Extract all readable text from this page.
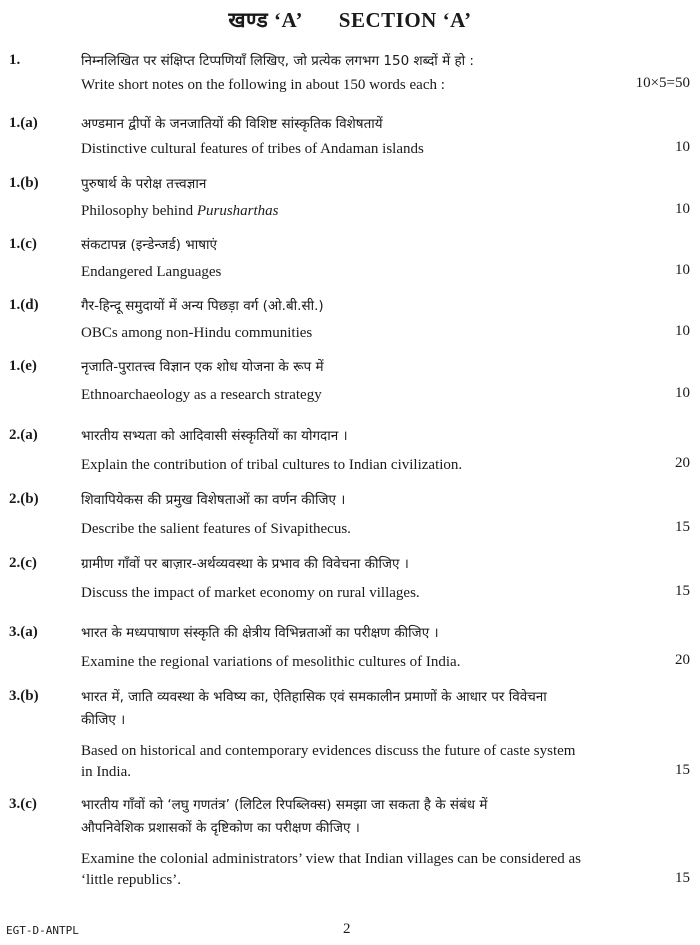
खण्ड ‘A’ SECTION ‘A’
1.	निम्नलिखित पर संक्षिप्त टिप्पणियाँ लिखिए, जो प्रत्येक लगभग 150 शब्दों में हो :
Write short notes on the following in about 150 words each :	10×5=50
1.(a)	अण्डमान द्वीपों के जनजातियों की विशिष्ट सांस्कृतिक विशेषतायें
Distinctive cultural features of tribes of Andaman islands	10
1.(b)	पुरुषार्थ के परोक्ष तत्त्वज्ञान
Philosophy behind Purusharthas	10
1.(c)	संकटापन्न (इन्डेन्जर्ड) भाषाएं
Endangered Languages	10
1.(d)	गैर-हिन्दू समुदायों में अन्य पिछड़ा वर्ग (ओ.बी.सी.)
OBCs among non-Hindu communities	10
1.(e)	नृजाति-पुरातत्त्व विज्ञान एक शोध योजना के रूप में
Ethnoarchaeology as a research strategy	10
2.(a)	भारतीय सभ्यता को आदिवासी संस्कृतियों का योगदान ।
Explain the contribution of tribal cultures to Indian civilization.	20
2.(b)	शिवापियेकस की प्रमुख विशेषताओं का वर्णन कीजिए ।
Describe the salient features of Sivapithecus.	15
2.(c)	ग्रामीण गाँवों पर बाज़ार-अर्थव्यवस्था के प्रभाव की विवेचना कीजिए ।
Discuss the impact of market economy on rural villages.	15
3.(a)	भारत के मध्यपाषाण संस्कृति की क्षेत्रीय विभिन्नताओं का परीक्षण कीजिए ।
Examine the regional variations of mesolithic cultures of India.	20
3.(b)	भारत में, जाति व्यवस्था के भविष्य का, ऐतिहासिक एवं समकालीन प्रमाणों के आधार पर विवेचना
कीजिए ।
Based on historical and contemporary evidences discuss the future of caste system
in India.	15
3.(c)	भारतीय गाँवों को ‘लघु गणतंत्र’ (लिटिल रिपब्लिक्स) समझा जा सकता है के संबंध में
औपनिवेशिक प्रशासकों के दृष्टिकोण का परीक्षण कीजिए ।
Examine the colonial administrators’ view that Indian villages can be considered as
‘little republics’.	15
EGT-D-ANTPL	2
